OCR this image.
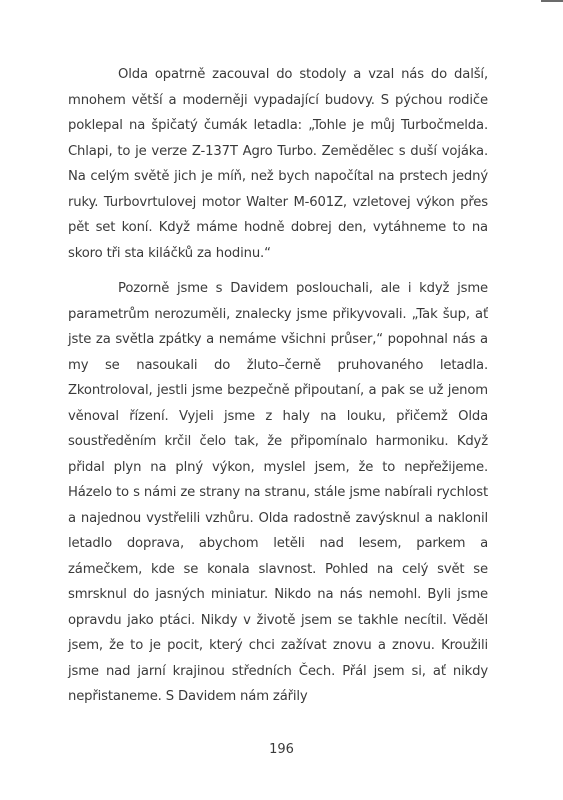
Olda opatrně zacouval do stodoly a vzal nás do další, mnohem větší a moderněji vypadající budovy. S pýchou rodiče poklepal na špičatý čumák letadla: „Tohle je můj Turbočmelda. Chlapi, to je verze Z-137T Agro Turbo. Zemědělec s duší vojáka. Na celým světě jich je míň, než bych napočítal na prstech jedný ruky. Turbovrtulovej motor Walter M-601Z, vzletovej výkon přes pět set koní. Když máme hodně dobrej den, vytáhneme to na skoro tři sta kiláčků za hodinu.“

Pozorně jsme s Davidem poslouchali, ale i když jsme parametrům nerozuměli, znalecky jsme přikyvovali. „Tak šup, ať jste za světla zpátky a nemáme všichni průser,“ popohnal nás a my se nasoukali do žluto–černě pruhovaného letadla. Zkontroloval, jestli jsme bezpečně připoutaní, a pak se už jenom věnoval řízení. Vyjeli jsme z haly na louku, přičemž Olda soustředěním krčil čelo tak, že připomínalo harmoniku. Když přidal plyn na plný výkon, myslel jsem, že to nepřežijeme. Házelo to s námi ze strany na stranu, stále jsme nabírali rychlost a najednou vystřelili vzhůru. Olda radostně zavýsknul a naklonil letadlo doprava, abychom letěli nad lesem, parkem a zámečkem, kde se konala slavnost. Pohled na celý svět se smrsknul do jasných miniatur. Nikdo na nás nemohl. Byli jsme opravdu jako ptáci. Nikdy v životě jsem se takhle necítil. Věděl jsem, že to je pocit, který chci zažívat znovu a znovu. Kroužili jsme nad jarní krajinou středních Čech. Přál jsem si, ať nikdy nepřistaneme. S Davidem nám zářily

196
